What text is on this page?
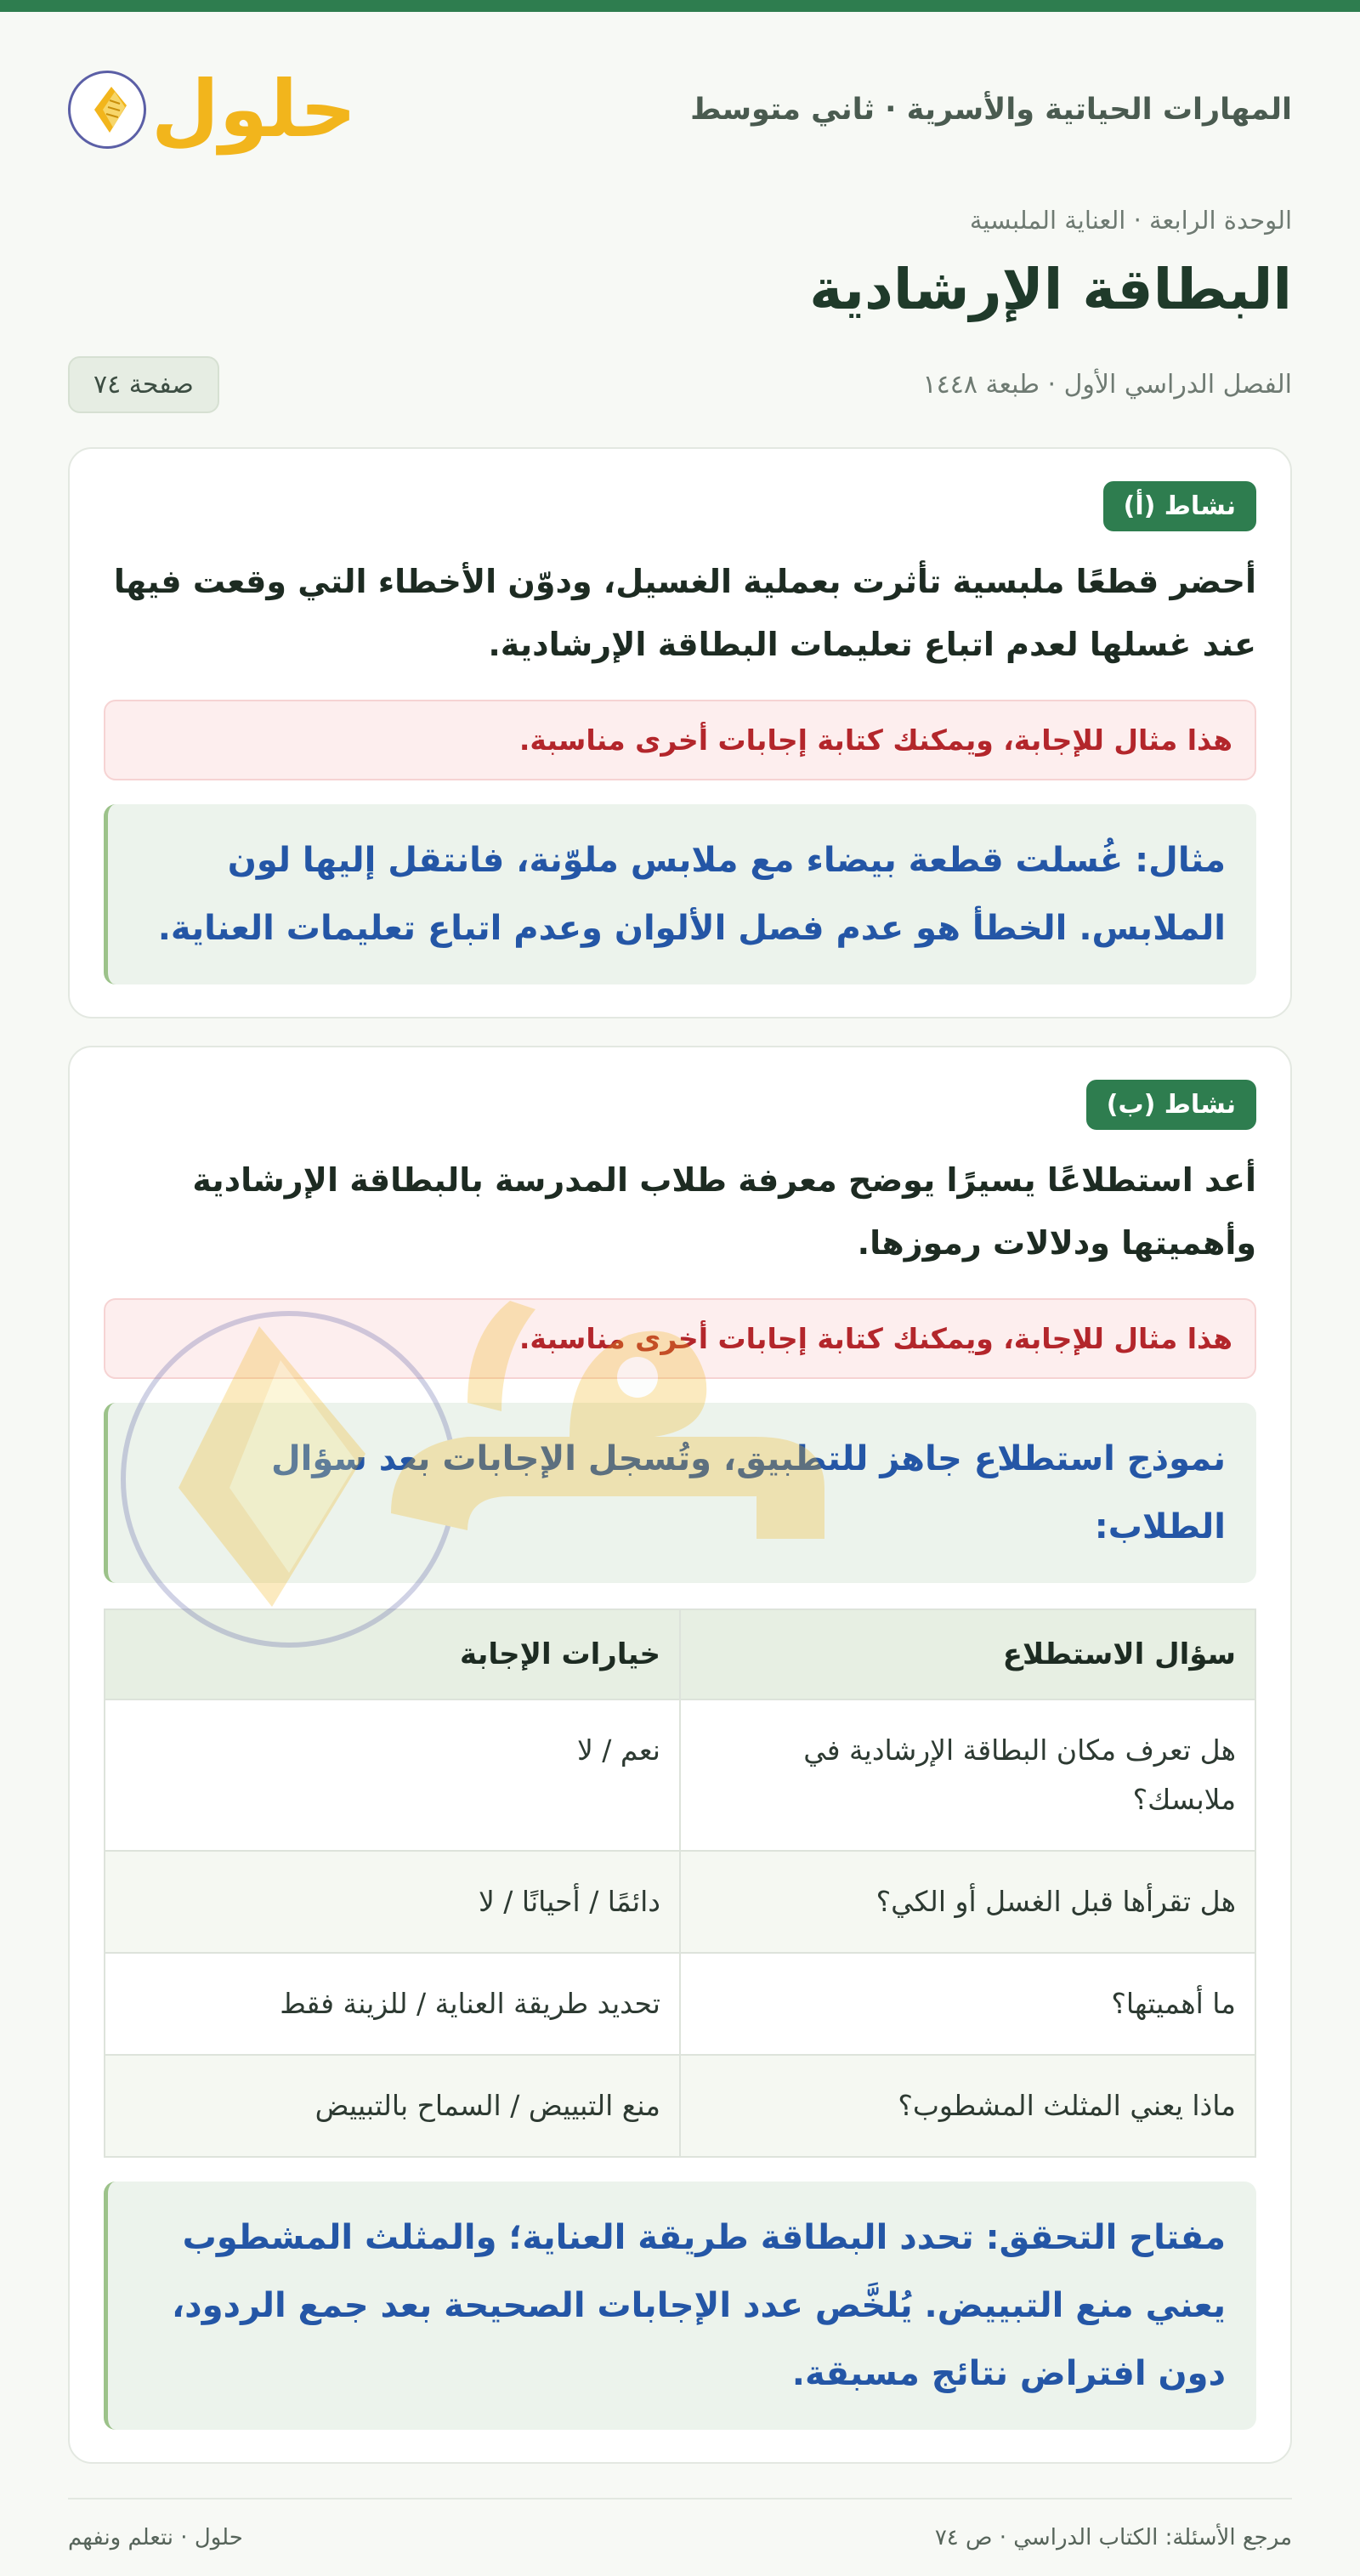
المهارات الحياتية والأسرية · ثاني متوسط
حلول
الوحدة الرابعة · العناية الملبسية
البطاقة الإرشادية
الفصل الدراسي الأول · طبعة ١٤٤٨
صفحة ٧٤
نشاط (أ)

أحضر قطعًا ملبسية تأثرت بعملية الغسيل، ودوّن الأخطاء التي وقعت فيها عند غسلها لعدم اتباع تعليمات البطاقة الإرشادية.

هذا مثال للإجابة، ويمكنك كتابة إجابات أخرى مناسبة.
مثال: غُسلت قطعة بيضاء مع ملابس ملوّنة، فانتقل إليها لون الملابس. الخطأ هو عدم فصل الألوان وعدم اتباع تعليمات العناية.
نشاط (ب)

أعد استطلاعًا يسيرًا يوضح معرفة طلاب المدرسة بالبطاقة الإرشادية وأهميتها ودلالات رموزها.

هذا مثال للإجابة، ويمكنك كتابة إجابات أخرى مناسبة.
نموذج استطلاع جاهز للتطبيق، وتُسجل الإجابات بعد سؤال الطلاب:
سؤال الاستطلاع	خيارات الإجابة
هل تعرف مكان البطاقة الإرشادية في ملابسك؟	نعم / لا
هل تقرأها قبل الغسل أو الكي؟	دائمًا / أحيانًا / لا
ما أهميتها؟	تحديد طريقة العناية / للزينة فقط
ماذا يعني المثلث المشطوب؟	منع التبييض / السماح بالتبييض
مفتاح التحقق: تحدد البطاقة طريقة العناية؛ والمثلث المشطوب يعني منع التبييض. يُلخَّص عدد الإجابات الصحيحة بعد جمع الردود، دون افتراض نتائج مسبقة.
مرجع الأسئلة: الكتاب الدراسي · ص ٧٤
حلول · نتعلم ونفهم
